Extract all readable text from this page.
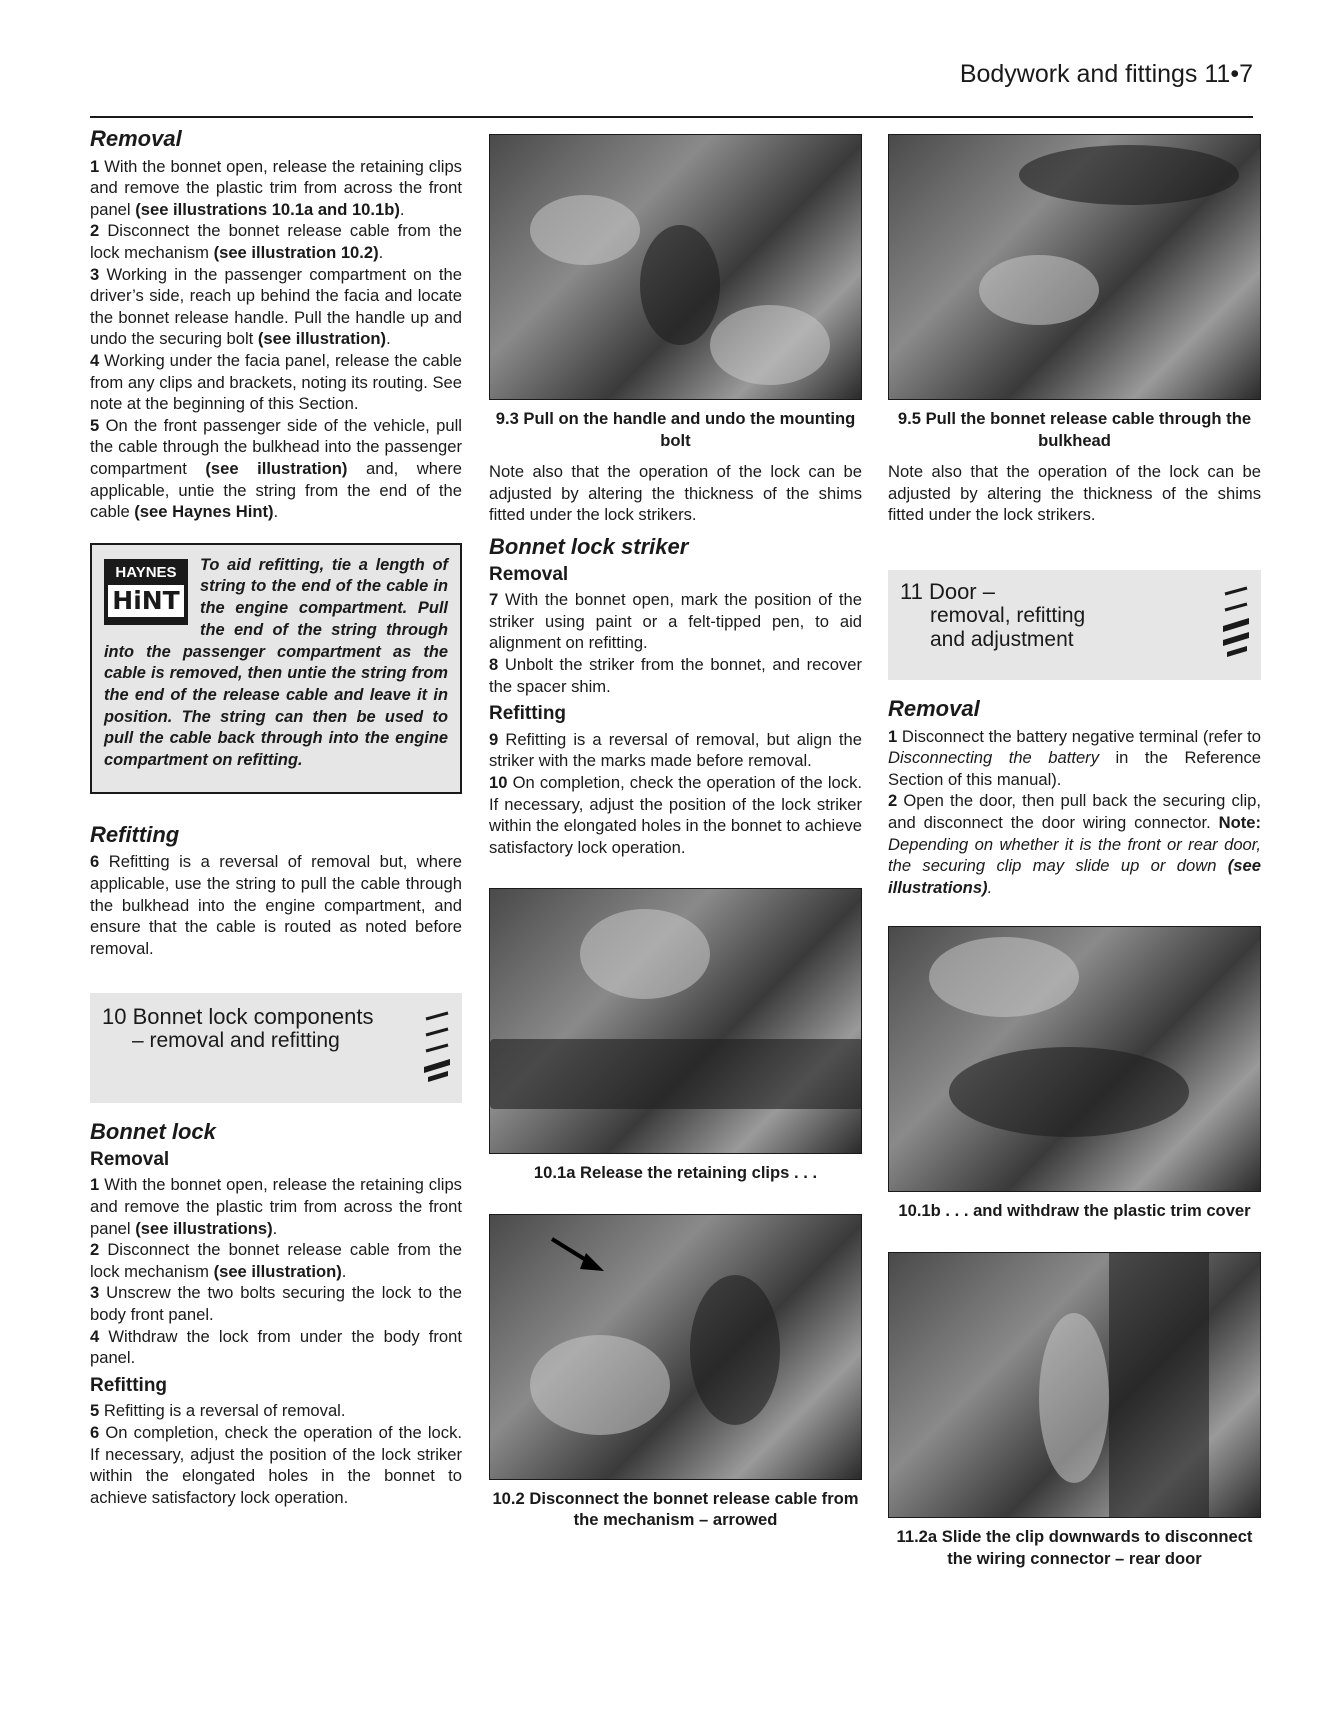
Bodywork and fittings 11•7
Removal

1 With the bonnet open, release the retaining clips and remove the plastic trim from across the front panel (see illustrations 10.1a and 10.1b).

2 Disconnect the bonnet release cable from the lock mechanism (see illustration 10.2).

3 Working in the passenger compartment on the driver’s side, reach up behind the facia and locate the bonnet release handle. Pull the handle up and undo the securing bolt (see illustration).

4 Working under the facia panel, release the cable from any clips and brackets, noting its routing. See note at the beginning of this Section.

5 On the front passenger side of the vehicle, pull the cable through the bulkhead into the passenger compartment (see illustration) and, where applicable, untie the string from the end of the cable (see Haynes Hint).

HAYNES
HiNT
To aid refitting, tie a length of string to the end of the cable in the engine compartment. Pull the end of the string through into the passenger compartment as the cable is removed, then untie the string from the end of the release cable and leave it in position. The string can then be used to pull the cable back through into the engine compartment on refitting.
Refitting

6 Refitting is a reversal of removal but, where applicable, use the string to pull the cable through the bulkhead into the engine compartment, and ensure that the cable is routed as noted before removal.

10 Bonnet lock components
– removal and refitting
Bonnet lock
Removal

1 With the bonnet open, release the retaining clips and remove the plastic trim from across the front panel (see illustrations).

2 Disconnect the bonnet release cable from the lock mechanism (see illustration).

3 Unscrew the two bolts securing the lock to the body front panel.

4 Withdraw the lock from under the body front panel.

Refitting

5 Refitting is a reversal of removal.

6 On completion, check the operation of the lock. If necessary, adjust the position of the lock striker within the elongated holes in the bonnet to achieve satisfactory lock operation.

9.3 Pull on the handle and undo the mounting bolt

Note also that the operation of the lock can be adjusted by altering the thickness of the shims fitted under the lock strikers.

Bonnet lock striker
Removal

7 With the bonnet open, mark the position of the striker using paint or a felt-tipped pen, to aid alignment on refitting.

8 Unbolt the striker from the bonnet, and recover the spacer shim.

Refitting

9 Refitting is a reversal of removal, but align the striker with the marks made before removal.

10 On completion, check the operation of the lock. If necessary, adjust the position of the lock striker within the elongated holes in the bonnet to achieve satisfactory lock operation.

10.1a Release the retaining clips . . .
10.2 Disconnect the bonnet release cable from the mechanism – arrowed
9.5 Pull the bonnet release cable through the bulkhead

Note also that the operation of the lock can be adjusted by altering the thickness of the shims fitted under the lock strikers.

11 Door –
removal, refitting
and adjustment
Removal

1 Disconnect the battery negative terminal (refer to Disconnecting the battery in the Reference Section of this manual).

2 Open the door, then pull back the securing clip, and disconnect the door wiring connector. Note: Depending on whether it is the front or rear door, the securing clip may slide up or down (see illustrations).

10.1b . . . and withdraw the plastic trim cover
11.2a Slide the clip downwards to disconnect the wiring connector – rear door
